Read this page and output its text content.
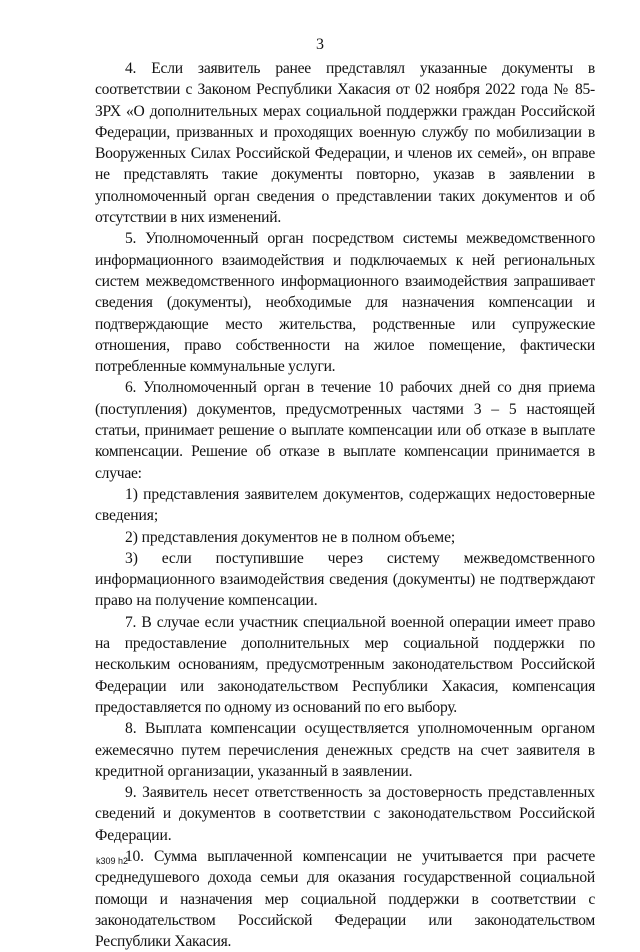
3

4. Если заявитель ранее представлял указанные документы в соответствии с Законом Республики Хакасия от 02 ноября 2022 года № 85-ЗРХ «О дополнительных мерах социальной поддержки граждан Российской Федерации, призванных и проходящих военную службу по мобилизации в Вооруженных Силах Российской Федерации, и членов их семей», он вправе не представлять такие документы повторно, указав в заявлении в уполномоченный орган сведения о представлении таких документов и об отсутствии в них изменений.

5. Уполномоченный орган посредством системы межведомственного информационного взаимодействия и подключаемых к ней региональных систем межведомственного информационного взаимодействия запрашивает сведения (документы), необходимые для назначения компенсации и подтверждающие место жительства, родственные или супружеские отношения, право собственности на жилое помещение, фактически потребленные коммунальные услуги.

6. Уполномоченный орган в течение 10 рабочих дней со дня приема (поступления) документов, предусмотренных частями 3 – 5 настоящей статьи, принимает решение о выплате компенсации или об отказе в выплате компенсации. Решение об отказе в выплате компенсации принимается в случае:

1) представления заявителем документов, содержащих недостоверные сведения;

2) представления документов не в полном объеме;

3) если поступившие через систему межведомственного информационного взаимодействия сведения (документы) не подтверждают право на получение компенсации.

7. В случае если участник специальной военной операции имеет право на предоставление дополнительных мер социальной поддержки по нескольким основаниям, предусмотренным законодательством Российской Федерации или законодательством Республики Хакасия, компенсация предоставляется по одному из оснований по его выбору.

8. Выплата компенсации осуществляется уполномоченным органом ежемесячно путем перечисления денежных средств на счет заявителя в кредитной организации, указанный в заявлении.

9. Заявитель несет ответственность за достоверность представленных сведений и документов в соответствии с законодательством Российской Федерации.

10. Сумма выплаченной компенсации не учитывается при расчете среднедушевого дохода семьи для оказания государственной социальной помощи и назначения мер социальной поддержки в соответствии с законодательством Российской Федерации или законодательством Республики Хакасия.

k309 h2
